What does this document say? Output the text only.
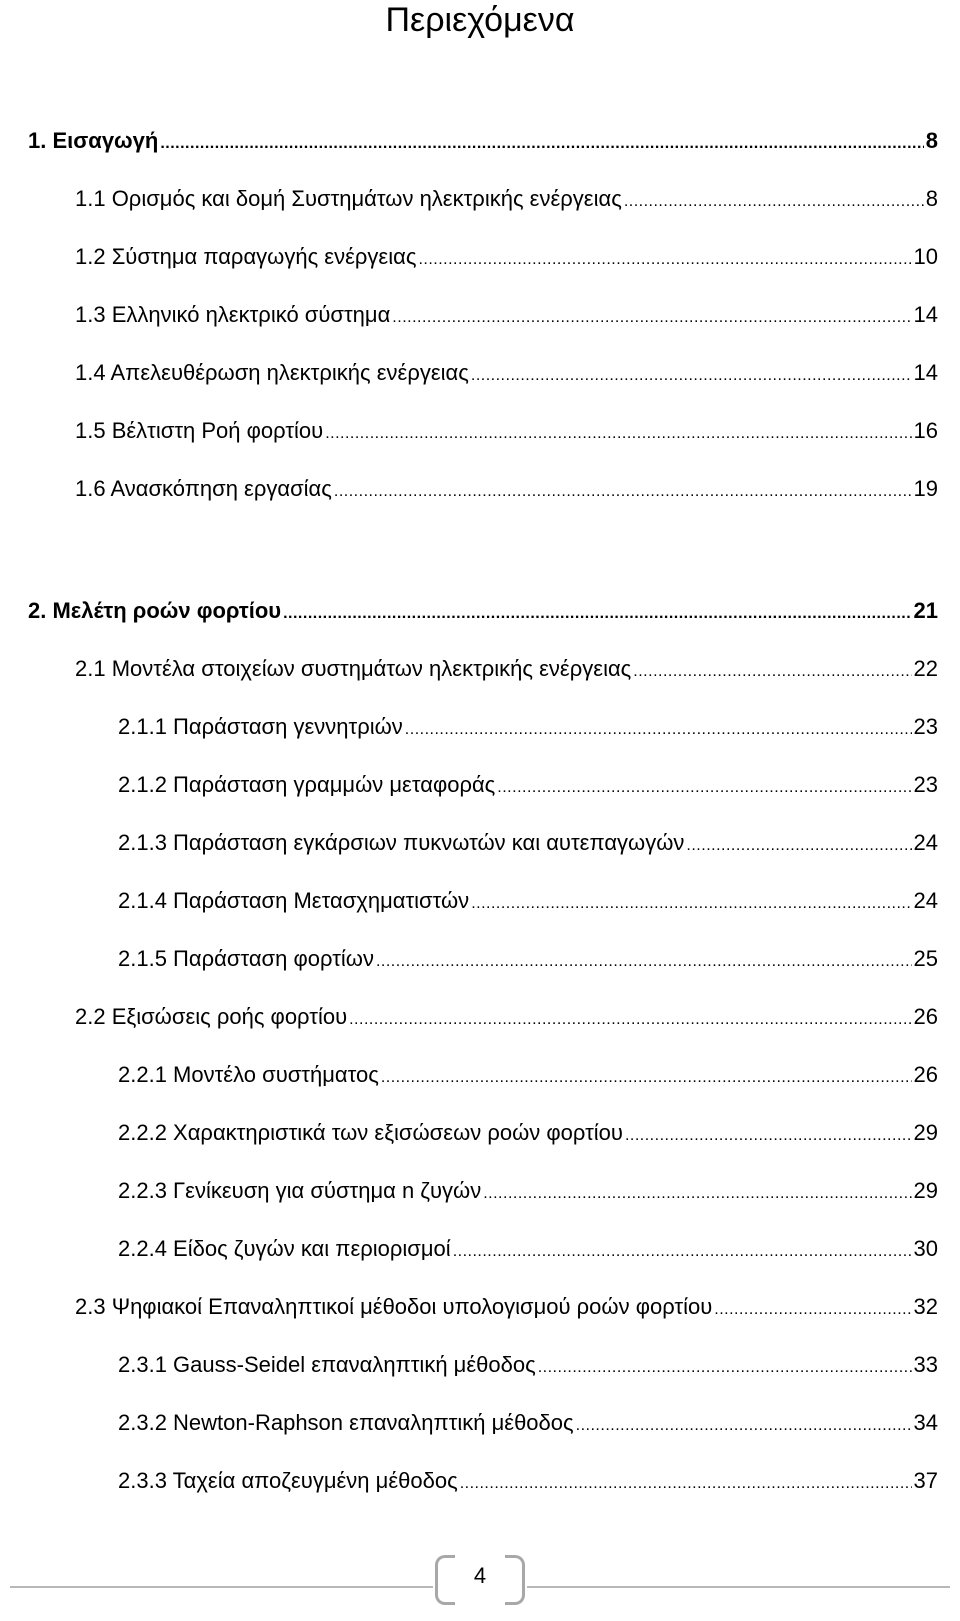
Περιεχόμενα
1. Εισαγωγή .....	8
1.1 Ορισμός και δομή Συστημάτων ηλεκτρικής ενέργειας .....	8
1.2 Σύστημα παραγωγής ενέργειας .....	10
1.3 Ελληνικό ηλεκτρικό σύστημα .....	14
1.4 Απελευθέρωση ηλεκτρικής ενέργειας .....	14
1.5 Βέλτιστη Ροή φορτίου .....	16
1.6 Ανασκόπηση εργασίας .....	19
2. Μελέτη ροών φορτίου .....	21
2.1 Μοντέλα στοιχείων συστημάτων ηλεκτρικής ενέργειας .....	22
2.1.1 Παράσταση γεννητριών .....	23
2.1.2 Παράσταση γραμμών μεταφοράς .....	23
2.1.3 Παράσταση εγκάρσιων πυκνωτών και αυτεπαγωγών .....	24
2.1.4 Παράσταση Μετασχηματιστών .....	24
2.1.5 Παράσταση φορτίων .....	25
2.2 Εξισώσεις ροής φορτίου .....	26
2.2.1 Μοντέλο συστήματος .....	26
2.2.2 Χαρακτηριστικά των εξισώσεων ροών φορτίου .....	29
2.2.3 Γενίκευση για σύστημα n ζυγών .....	29
2.2.4 Είδος ζυγών και περιορισμοί .....	30
2.3 Ψηφιακοί Επαναληπτικοί μέθοδοι υπολογισμού ροών φορτίου .....	32
2.3.1 Gauss-Seidel επαναληπτική μέθοδος .....	33
2.3.2 Newton-Raphson επαναληπτική μέθοδος .....	34
2.3.3 Ταχεία αποζευγμένη μέθοδος .....	37
4
